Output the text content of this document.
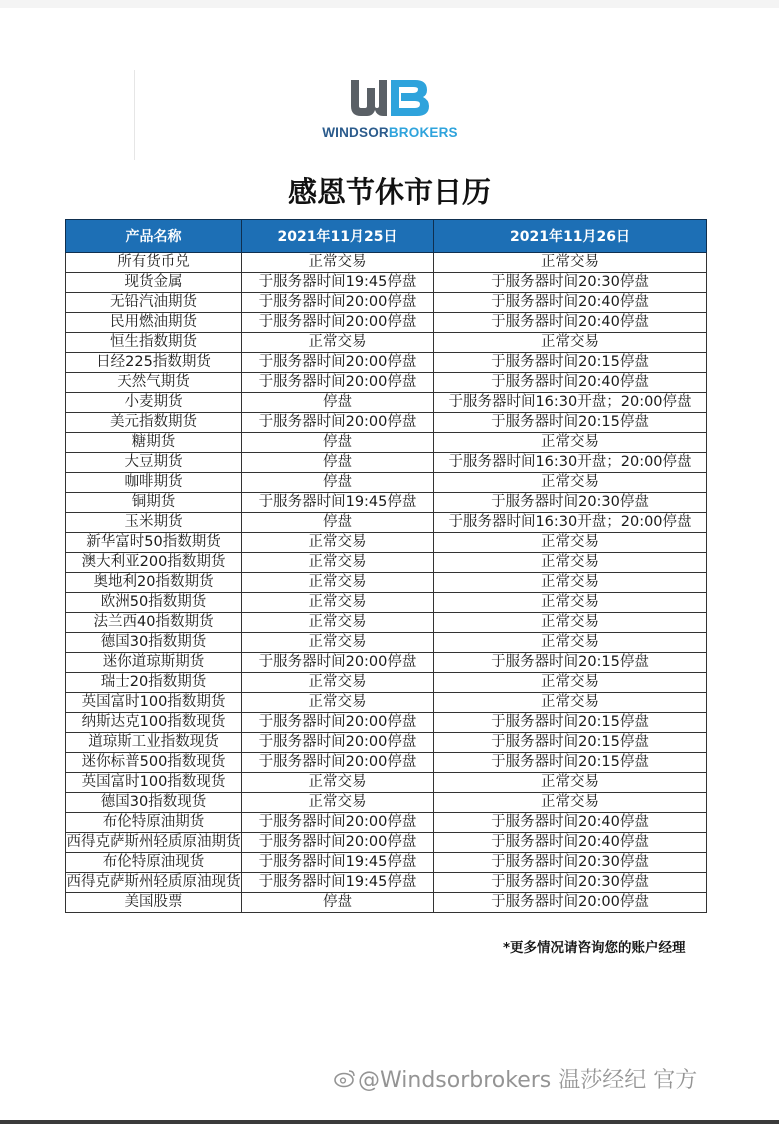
WINDSORBROKERS
感恩节休市日历
产品名称	2021年11月25日	2021年11月26日
所有货币兑	正常交易	正常交易
现货金属	于服务器时间19:45停盘	于服务器时间20:30停盘
无铅汽油期货	于服务器时间20:00停盘	于服务器时间20:40停盘
民用燃油期货	于服务器时间20:00停盘	于服务器时间20:40停盘
恒生指数期货	正常交易	正常交易
日经225指数期货	于服务器时间20:00停盘	于服务器时间20:15停盘
天然气期货	于服务器时间20:00停盘	于服务器时间20:40停盘
小麦期货	停盘	于服务器时间16:30开盘；20:00停盘
美元指数期货	于服务器时间20:00停盘	于服务器时间20:15停盘
糖期货	停盘	正常交易
大豆期货	停盘	于服务器时间16:30开盘；20:00停盘
咖啡期货	停盘	正常交易
铜期货	于服务器时间19:45停盘	于服务器时间20:30停盘
玉米期货	停盘	于服务器时间16:30开盘；20:00停盘
新华富时50指数期货	正常交易	正常交易
澳大利亚200指数期货	正常交易	正常交易
奥地利20指数期货	正常交易	正常交易
欧洲50指数期货	正常交易	正常交易
法兰西40指数期货	正常交易	正常交易
德国30指数期货	正常交易	正常交易
迷你道琼斯期货	于服务器时间20:00停盘	于服务器时间20:15停盘
瑞士20指数期货	正常交易	正常交易
英国富时100指数期货	正常交易	正常交易
纳斯达克100指数现货	于服务器时间20:00停盘	于服务器时间20:15停盘
道琼斯工业指数现货	于服务器时间20:00停盘	于服务器时间20:15停盘
迷你标普500指数现货	于服务器时间20:00停盘	于服务器时间20:15停盘
英国富时100指数现货	正常交易	正常交易
德国30指数现货	正常交易	正常交易
布伦特原油期货	于服务器时间20:00停盘	于服务器时间20:40停盘
西得克萨斯州轻质原油期货	于服务器时间20:00停盘	于服务器时间20:40停盘
布伦特原油现货	于服务器时间19:45停盘	于服务器时间20:30停盘
西得克萨斯州轻质原油现货	于服务器时间19:45停盘	于服务器时间20:30停盘
美国股票	停盘	于服务器时间20:00停盘
*更多情况请咨询您的账户经理
@Windsorbrokers 温莎经纪 官方
